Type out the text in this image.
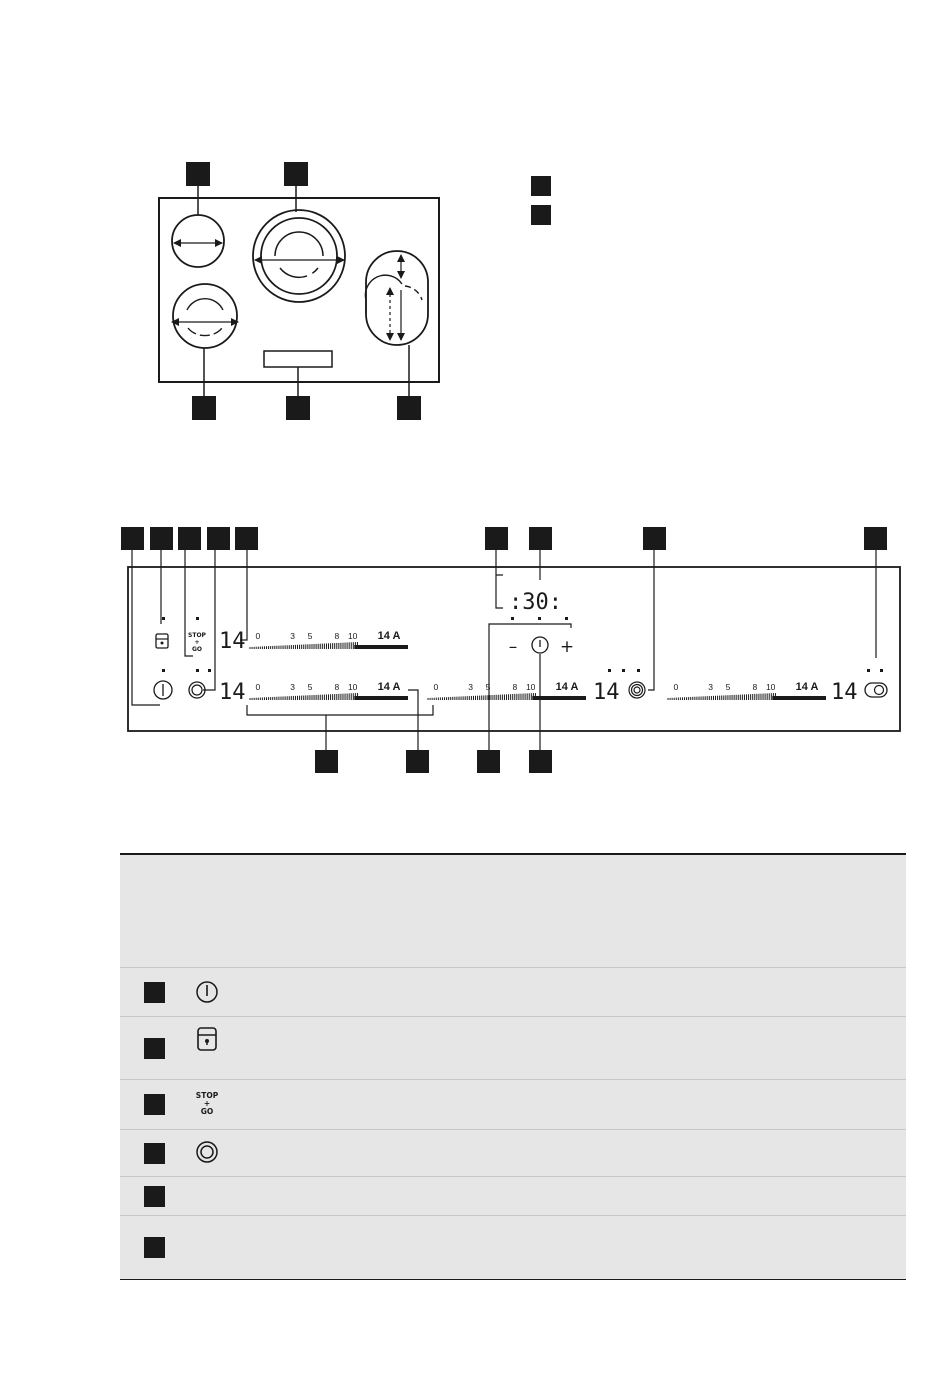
STOP
+
GO 14 0	3 5	8 10 14 A
14 0	3 5	8 10 14 A
:30:
–	+
0	3 5	8 10 14 A 14	0	3 5	8 10 14 A 14
STOP
+
GO
